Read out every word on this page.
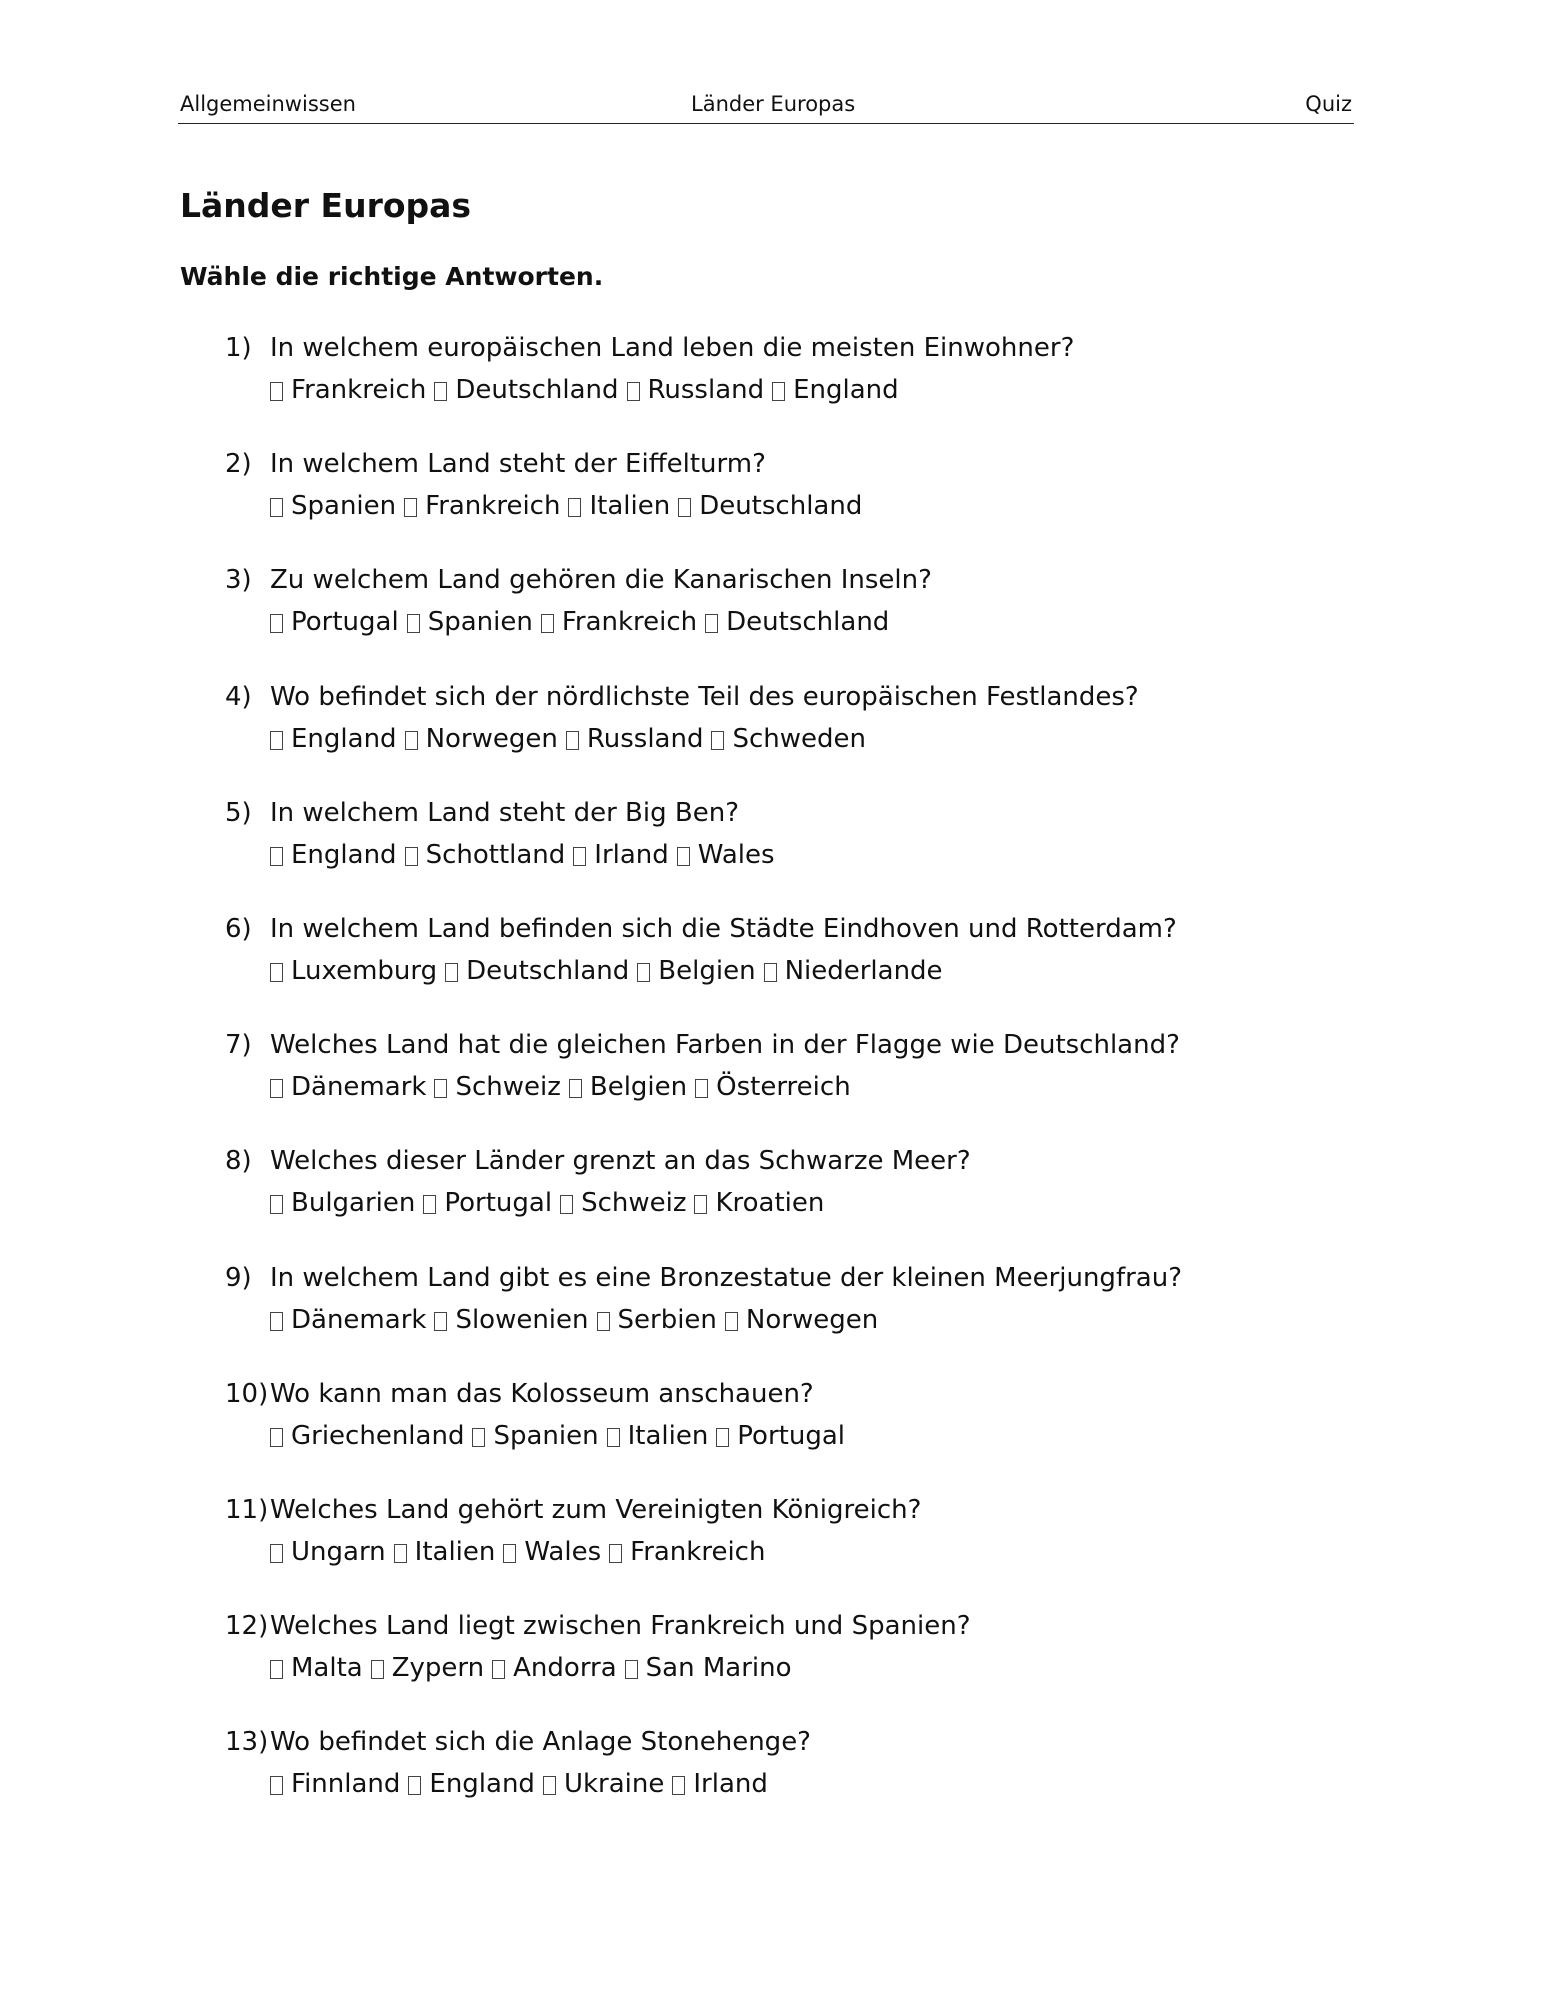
Allgemeinwissen	Länder Europas	Quiz
Länder Europas

Wähle die richtige Antworten.

1) In welchem europäischen Land leben die meisten Einwohner?
Frankreich Deutschland Russland England
2) In welchem Land steht der Eiffelturm?
Spanien Frankreich Italien Deutschland
3) Zu welchem Land gehören die Kanarischen Inseln?
Portugal Spanien Frankreich Deutschland
4) Wo befindet sich der nördlichste Teil des europäischen Festlandes?
England Norwegen Russland Schweden
5) In welchem Land steht der Big Ben?
England Schottland Irland Wales
6) In welchem Land befinden sich die Städte Eindhoven und Rotterdam?
Luxemburg Deutschland Belgien Niederlande
7) Welches Land hat die gleichen Farben in der Flagge wie Deutschland?
Dänemark Schweiz Belgien Österreich
8) Welches dieser Länder grenzt an das Schwarze Meer?
Bulgarien Portugal Schweiz Kroatien
9) In welchem Land gibt es eine Bronzestatue der kleinen Meerjungfrau?
Dänemark Slowenien Serbien Norwegen
10) Wo kann man das Kolosseum anschauen?
Griechenland Spanien Italien Portugal
11) Welches Land gehört zum Vereinigten Königreich?
Ungarn Italien Wales Frankreich
12) Welches Land liegt zwischen Frankreich und Spanien?
Malta Zypern Andorra San Marino
13) Wo befindet sich die Anlage Stonehenge?
Finnland England Ukraine Irland
